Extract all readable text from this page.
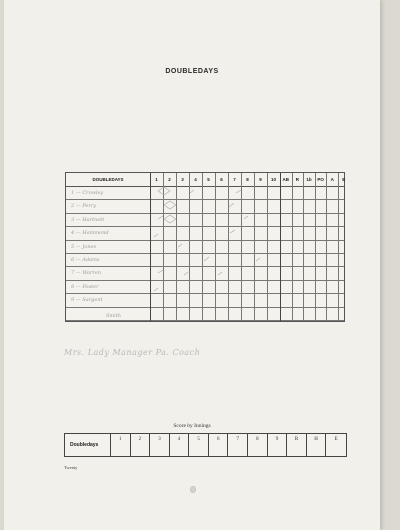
DOUBLEDAYS
DOUBLEDAYS	1	2	3	4	5	6	7	8	9	10	AB	R	1b	PO	A	E
1 — Crowley
2 — Perry
3 — Hartnett
4 — Hammond
5 — Jones
6 — Adams
7 — Warren
8 — Foster
9 — Sargent
Smith
Mrs. Lady Manager Pa. Coach
Score by Innings
Doubledays
1	2	3	4	5	6	7	8	9	R	H	E
Twenty
